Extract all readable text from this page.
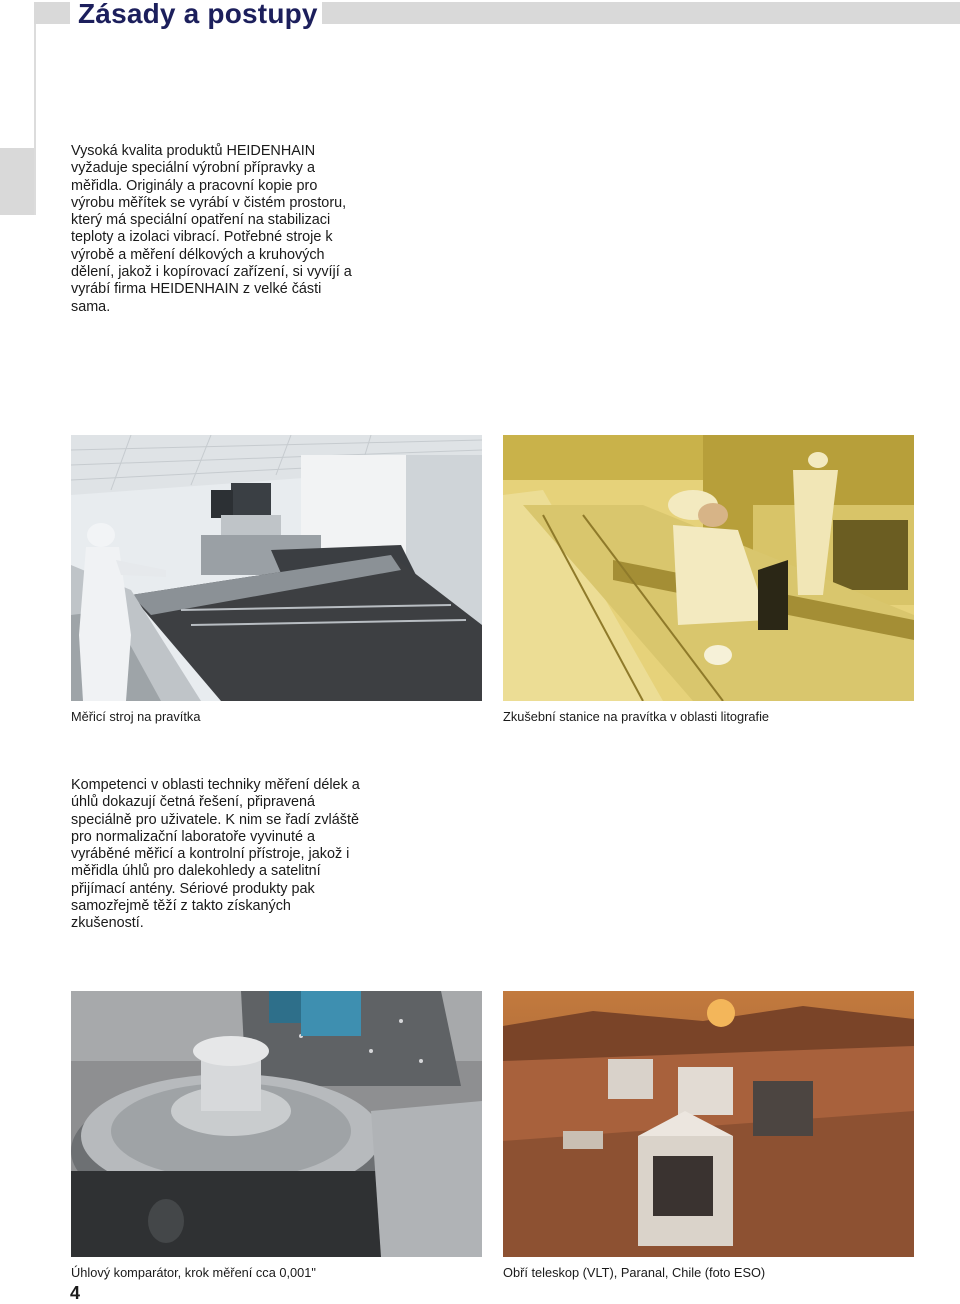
Zásady a postupy

Vysoká kvalita produktů HEIDENHAIN vyžaduje speciální výrobní přípravky a měřidla. Originály a pracovní kopie pro výrobu měřítek se vyrábí v čistém prostoru, který má speciální opatření na stabilizaci teploty a izolaci vibrací. Potřebné stroje k výrobě a měření délkových a kruhových dělení, jakož i kopírovací zařízení, si vyvíjí a vyrábí firma HEIDENHAIN z velké části sama.

Měřicí stroj na pravítka	Zkušební stanice na pravítka v oblasti litografie

Kompetenci v oblasti techniky měření délek a úhlů dokazují četná řešení, připravená speciálně pro uživatele. K nim se řadí zvláště pro normalizační laboratoře vyvinuté a vyráběné měřicí a kontrolní přístroje, jakož i měřidla úhlů pro dalekohledy a satelitní přijímací antény. Sériové produkty pak samozřejmě těží z takto získaných zkušeností.

Úhlový komparátor, krok měření cca 0,001"	Obří teleskop (VLT), Paranal, Chile (foto ESO)
4
